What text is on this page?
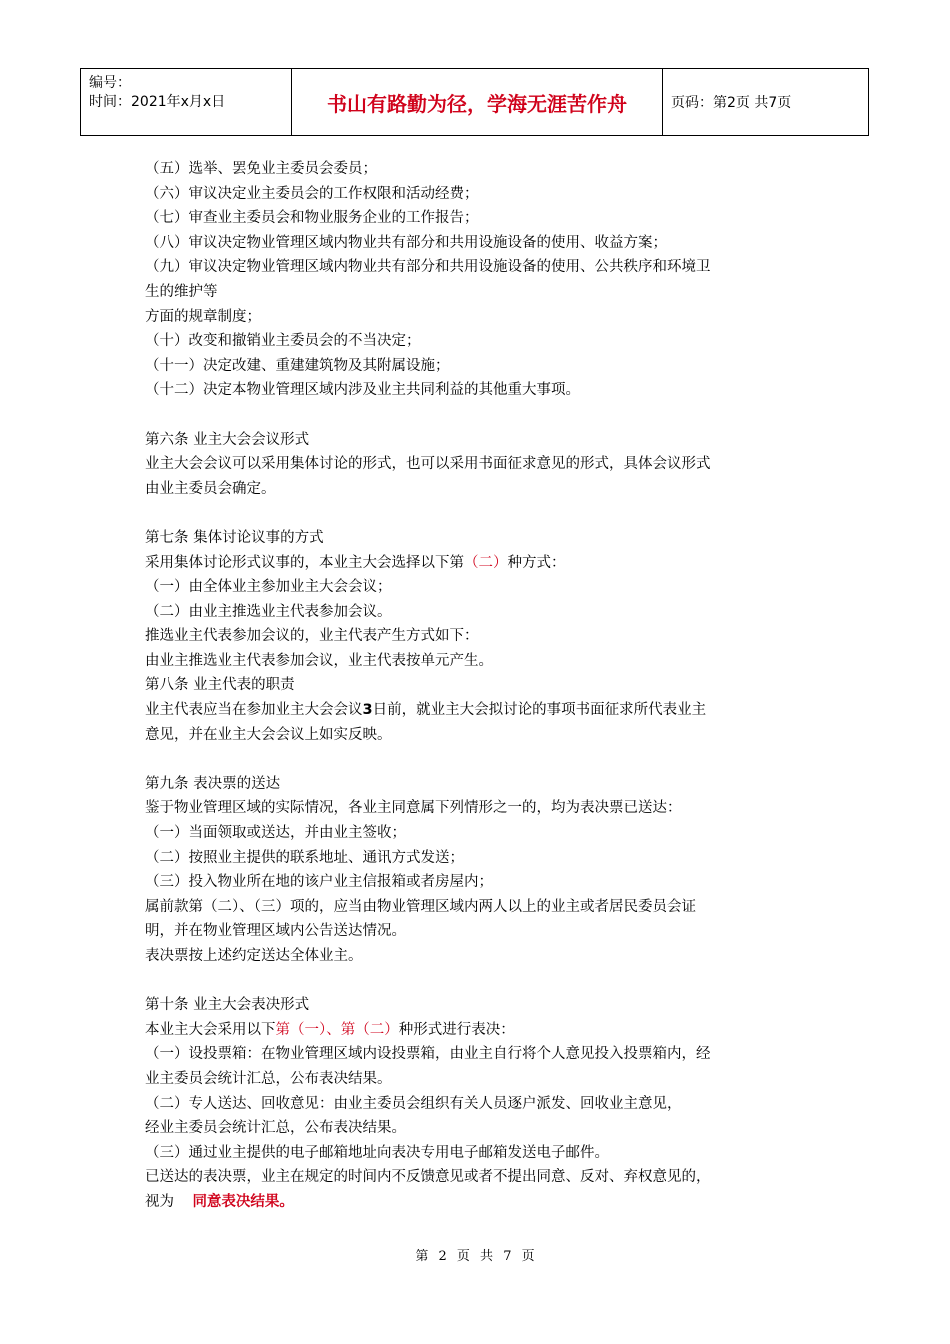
编号：
时间：2021年x月x日	书山有路勤为径，学海无涯苦作舟	页码：第2页 共7页
（五）选举、罢免业主委员会委员；
（六）审议决定业主委员会的工作权限和活动经费；
（七）审查业主委员会和物业服务企业的工作报告；
（八）审议决定物业管理区域内物业共有部分和共用设施设备的使用、收益方案；
（九）审议决定物业管理区域内物业共有部分和共用设施设备的使用、公共秩序和环境卫
生的维护等
方面的规章制度；
（十）改变和撤销业主委员会的不当决定；
（十一）决定改建、重建建筑物及其附属设施；
（十二）决定本物业管理区域内涉及业主共同利益的其他重大事项。
第六条 业主大会会议形式
业主大会会议可以采用集体讨论的形式，也可以采用书面征求意见的形式，具体会议形式
由业主委员会确定。
第七条 集体讨论议事的方式
采用集体讨论形式议事的，本业主大会选择以下第（二）种方式：
（一）由全体业主参加业主大会会议；
（二）由业主推选业主代表参加会议。
推选业主代表参加会议的，业主代表产生方式如下：
由业主推选业主代表参加会议，业主代表按单元产生。
第八条 业主代表的职责
业主代表应当在参加业主大会会议3日前，就业主大会拟讨论的事项书面征求所代表业主
意见，并在业主大会会议上如实反映。
第九条 表决票的送达
鉴于物业管理区域的实际情况，各业主同意属下列情形之一的，均为表决票已送达：
（一）当面领取或送达，并由业主签收；
（二）按照业主提供的联系地址、通讯方式发送；
（三）投入物业所在地的该户业主信报箱或者房屋内；
属前款第（二）、（三）项的，应当由物业管理区域内两人以上的业主或者居民委员会证
明，并在物业管理区域内公告送达情况。
表决票按上述约定送达全体业主。
第十条 业主大会表决形式
本业主大会采用以下第（一）、第（二）种形式进行表决：
（一）设投票箱：在物业管理区域内设投票箱，由业主自行将个人意见投入投票箱内，经
业主委员会统计汇总，公布表决结果。
（二）专人送达、回收意见：由业主委员会组织有关人员逐户派发、回收业主意见，
经业主委员会统计汇总，公布表决结果。
（三）通过业主提供的电子邮箱地址向表决专用电子邮箱发送电子邮件。
已送达的表决票，业主在规定的时间内不反馈意见或者不提出同意、反对、弃权意见的，
视为 同意表决结果。
第 2 页 共 7 页
